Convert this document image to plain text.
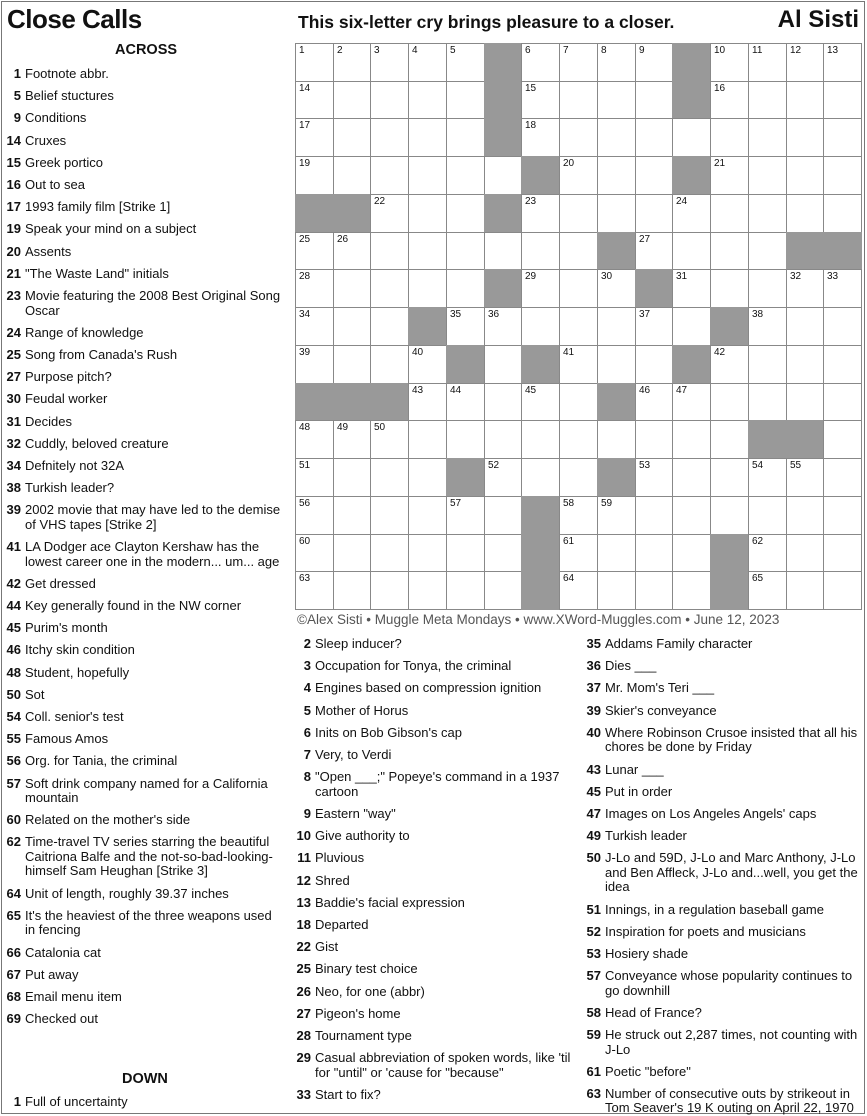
Close Calls	This six-letter cry brings pleasure to a closer.	Al Sisti
1	2	3	4	5	6	7	8	9	10	11	12	13
14	15	16
17	18
19	20	21
22	23	24
25	26	27
28	29	30	31	32	33
34	35	36	37	38
39	40	41	42
43	44	45	46	47
48	49	50
51	52	53	54	55
56	57	58	59
60	61	62
63	64	65
©Alex Sisti • Muggle Meta Mondays • www.XWord-Muggles.com • June 12, 2023
ACROSS
DOWN
1 Footnote abbr.
5 Belief stuctures
9 Conditions
14 Cruxes
15 Greek portico
16 Out to sea
17 1993 family film [Strike 1]
19 Speak your mind on a subject
20 Assents
21 "The Waste Land" initials
23 Movie featuring the 2008 Best Original Song Oscar
24 Range of knowledge
25 Song from Canada's Rush
27 Purpose pitch?
30 Feudal worker
31 Decides
32 Cuddly, beloved creature
34 Defnitely not 32A
38 Turkish leader?
39 2002 movie that may have led to the demise of VHS tapes [Strike 2]
41 LA Dodger ace Clayton Kershaw has the lowest career one in the modern... um... age
42 Get dressed
44 Key generally found in the NW corner
45 Purim's month
46 Itchy skin condition
48 Student, hopefully
50 Sot
54 Coll. senior's test
55 Famous Amos
56 Org. for Tania, the criminal
57 Soft drink company named for a California mountain
60 Related on the mother's side
62 Time-travel TV series starring the beautiful Caitriona Balfe and the not-so-bad-looking-himself Sam Heughan [Strike 3]
64 Unit of length, roughly 39.37 inches
65 It's the heaviest of the three weapons used in fencing
66 Catalonia cat
67 Put away
68 Email menu item
69 Checked out
1 Full of uncertainty
2 Sleep inducer?
3 Occupation for Tonya, the criminal
4 Engines based on compression ignition
5 Mother of Horus
6 Inits on Bob Gibson's cap
7 Very, to Verdi
8 "Open ___;" Popeye's command in a 1937 cartoon
9 Eastern "way"
10 Give authority to
11 Pluvious
12 Shred
13 Baddie's facial expression
18 Departed
22 Gist
25 Binary test choice
26 Neo, for one (abbr)
27 Pigeon's home
28 Tournament type
29 Casual abbreviation of spoken words, like 'til for "until" or 'cause for "because"
33 Start to fix?
35 Addams Family character
36 Dies ___
37 Mr. Mom's Teri ___
39 Skier's conveyance
40 Where Robinson Crusoe insisted that all his chores be done by Friday
43 Lunar ___
45 Put in order
47 Images on Los Angeles Angels' caps
49 Turkish leader
50 J-Lo and 59D, J-Lo and Marc Anthony, J-Lo and Ben Affleck, J-Lo and...well, you get the idea
51 Innings, in a regulation baseball game
52 Inspiration for poets and musicians
53 Hosiery shade
57 Conveyance whose popularity continues to go downhill
58 Head of France?
59 He struck out 2,287 times, not counting with J-Lo
61 Poetic "before"
63 Number of consecutive outs by strikeout in Tom Seaver's 19 K outing on April 22, 1970
